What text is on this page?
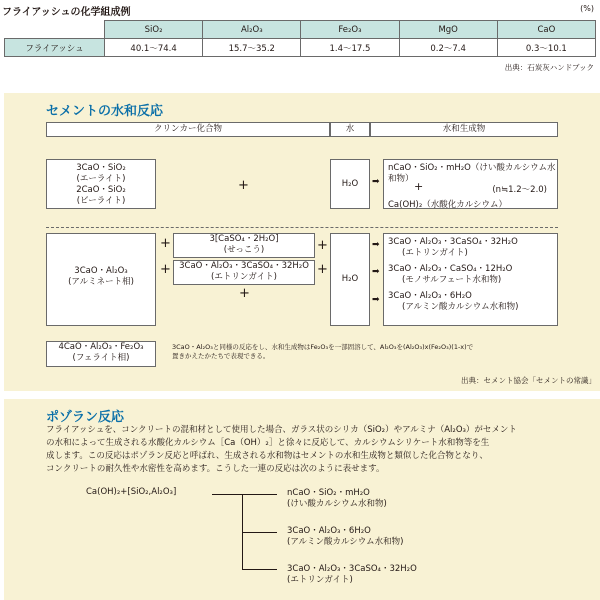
フライアッシュの化学組成例	(%)
	SiO₂	Al₂O₃	Fe₂O₃	MgO	CaO
フライアッシュ	40.1～74.4	15.7～35.2	1.4～17.5	0.2～7.4	0.3～10.1
出典：石炭灰ハンドブック
セメントの水和反応
クリンカー化合物	水	水和生成物
3CaO・SiO₂
(エーライト)
2CaO・SiO₂
(ビーライト)
+	H₂O	➡
nCaO・SiO₂・mH₂O（けい酸カルシウム水和物）
(n≒1.2～2.0)
+
Ca(OH)₂（水酸化カルシウム）
3CaO・Al₂O₃
(アルミネート相)
+
+
3[CaSO₄・2H₂O]
(せっこう)	+
3CaO・Al₂O₃・3CaSO₄・32H₂O
(エトリンガイト)	+
+
H₂O
➡
➡
➡
3CaO・Al₂O₃・3CaSO₄・32H₂O
(エトリンガイト)
3CaO・Al₂O₃・CaSO₄・12H₂O
(モノサルフェート水和物)
3CaO・Al₂O₃・6H₂O
(アルミン酸カルシウム水和物)
4CaO・Al₂O₃・Fe₂O₃
(フェライト相)
3CaO・Al₂O₃と同様の反応をし、水和生成物はFe₂O₃を一部固溶して、Al₂O₃を(Al₂O₃)x(Fe₂O₃)(1-x)で
置きかえたかたちで表現できる。
出典：セメント協会「セメントの常識」
ポゾラン反応
フライアッシュを、コンクリートの混和材として使用した場合、ガラス状のシリカ（SiO₂）やアルミナ（Al₂O₃）がセメント
の水和によって生成される水酸化カルシウム［Ca（OH）₂］と徐々に反応して、カルシウムシリケート水和物等を生
成します。この反応はポゾラン反応と呼ばれ、生成される水和物はセメントの水和生成物と類似した化合物となり、
コンクリートの耐久性や水密性を高めます。こうした一連の反応は次のように表せます。
Ca(OH)₂+[SiO₂,Al₂O₃]	nCaO・SiO₂・mH₂O
(けい酸カルシウム水和物)
3CaO・Al₂O₃・6H₂O
(アルミン酸カルシウム水和物)
3CaO・Al₂O₃・3CaSO₄・32H₂O
(エトリンガイト)
